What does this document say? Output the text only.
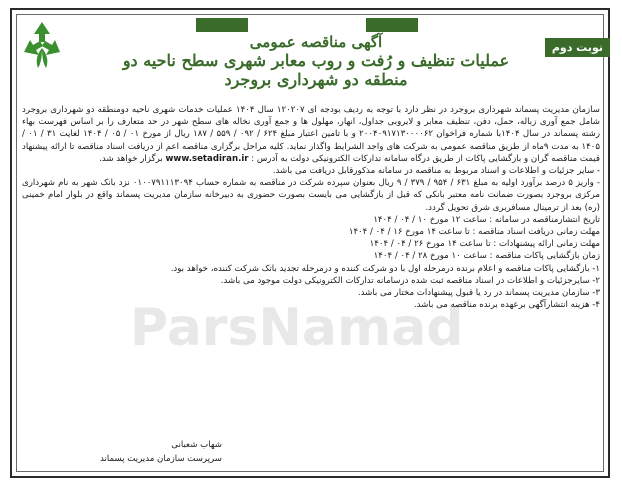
نوبت دوم
آگهی مناقصه عمومی
عملیات تنظیف و رُفت و روب معابر شهری سطح ناحیه دو
منطقه دو شهرداری بروجرد

سازمان مدیریت پسماند شهرداری بروجرد در نظر دارد با توجه به ردیف بودجه ای ۱۲۰۲۰۷ سال ۱۴۰۴ عملیات خدمات شهری ناحیه دومنطقه دو شهرداری بروجرد شامل جمع آوری زباله، حمل، دفن، تنظیف معابر و لایروبی جداول، انهار، مهلول ها و جمع آوری نخاله های سطح شهر در حد متعارف را بر اساس فهرست بهاء رشته پسماند در سال ۱۴۰۴با شماره فراخوان ۲۰۰۴۰۹۱۷۱۳۰۰۰۰۶۲ و با تامین اعتبار مبلغ ۶۲۴ / ۰۹۲ / ۵۵۹ / ۱۸۷ ریال از مورخ ۰۱ / ۰۵ / ۱۴۰۴ لغایت ۳۱ / ۰۱ / ۱۴۰۵ به مدت ۹ماه از طریق مناقصه عمومی به شرکت های واجد الشرایط واگذار نماید. کلیه مراحل برگزاری مناقصه اعم از دریافت اسناد مناقصه تا ارائه پیشنهاد قیمت مناقصه گران و بازگشایی پاکات از طریق درگاه سامانه تدارکات الکترونیکی دولت به آدرس : www.setadiran.ir برگزار خواهد شد.

- سایر جزئیات و اطلاعات و اسناد مربوط به مناقصه در سامانه مذکورقابل دریافت می باشد.

- واریز ۵ درصد برآورد اولیه به مبلغ ۶۳۱ / ۹۵۴ / ۳۷۹ / ۹ ریال بعنوان سپرده شرکت در مناقصه به شماره حساب ۰۱۰۰۷۹۱۱۱۳۰۹۴ نزد بانک شهر به نام شهرداری مرکزی بروجرد بصورت ضمانت نامه معتبر بانکی که قبل از بازگشایی می بایست بصورت حضوری به دبیرخانه سازمان مدیریت پسماند واقع در بلوار امام خمینی (ره) بعد از ترمینال مسافربری شرق تحویل گردد.

تاریخ انتشارمناقصه در سامانه : ساعت ۱۲ مورخ ۱۰ / ۰۴ / ۱۴۰۴

مهلت زمانی دریافت اسناد مناقصه : تا ساعت ۱۴ مورخ ۱۶ / ۰۴ / ۱۴۰۴

مهلت زمانی ارائه پیشنهادات : تا ساعت ۱۴ مورخ ۲۶ / ۰۴ / ۱۴۰۴

زمان بازگشایی پاکات مناقصه : ساعت ۱۰ مورخ ۲۸ / ۰۴ / ۱۴۰۴

۱- بازگشایی پاکات مناقصه و اعلام برنده درمرحله اول با دو شرکت کننده و درمرحله تجدید باتک شرکت کننده، خواهد بود.

۲- سایرجزئیات و اطلاعات در اسناد مناقصه ثبت شده درسامانه تدارکات الکترونیکی دولت موجود می باشد.

۳- سازمان مدیریت پسماند در رد یا قبول پیشنهادات مختار می باشد.

۴- هزینه انتشارآگهی برعهده برنده مناقصه می باشد.

شهاب شعبانی
سرپرست سازمان مدیریت پسماند
